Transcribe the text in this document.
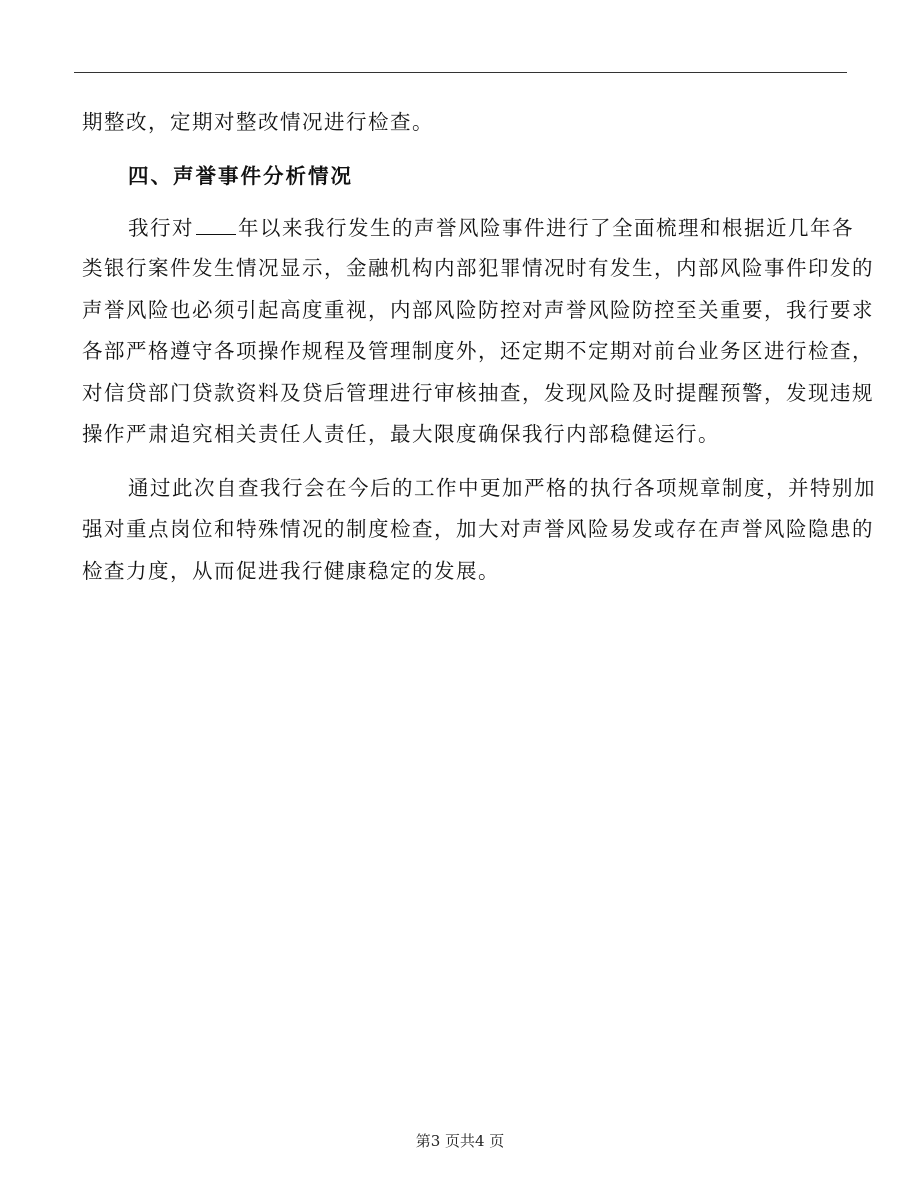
期整改，定期对整改情况进行检查。
四、声誉事件分析情况
我行对 年以来我行发生的声誉风险事件进行了全面梳理和根据近几年各
类银行案件发生情况显示，金融机构内部犯罪情况时有发生，内部风险事件印发的
声誉风险也必须引起高度重视，内部风险防控对声誉风险防控至关重要，我行要求
各部严格遵守各项操作规程及管理制度外，还定期不定期对前台业务区进行检查，
对信贷部门贷款资料及贷后管理进行审核抽查，发现风险及时提醒预警，发现违规
操作严肃追究相关责任人责任，最大限度确保我行内部稳健运行。
通过此次自查我行会在今后的工作中更加严格的执行各项规章制度，并特别加
强对重点岗位和特殊情况的制度检查，加大对声誉风险易发或存在声誉风险隐患的
检查力度，从而促进我行健康稳定的发展。
第3 页共4 页
